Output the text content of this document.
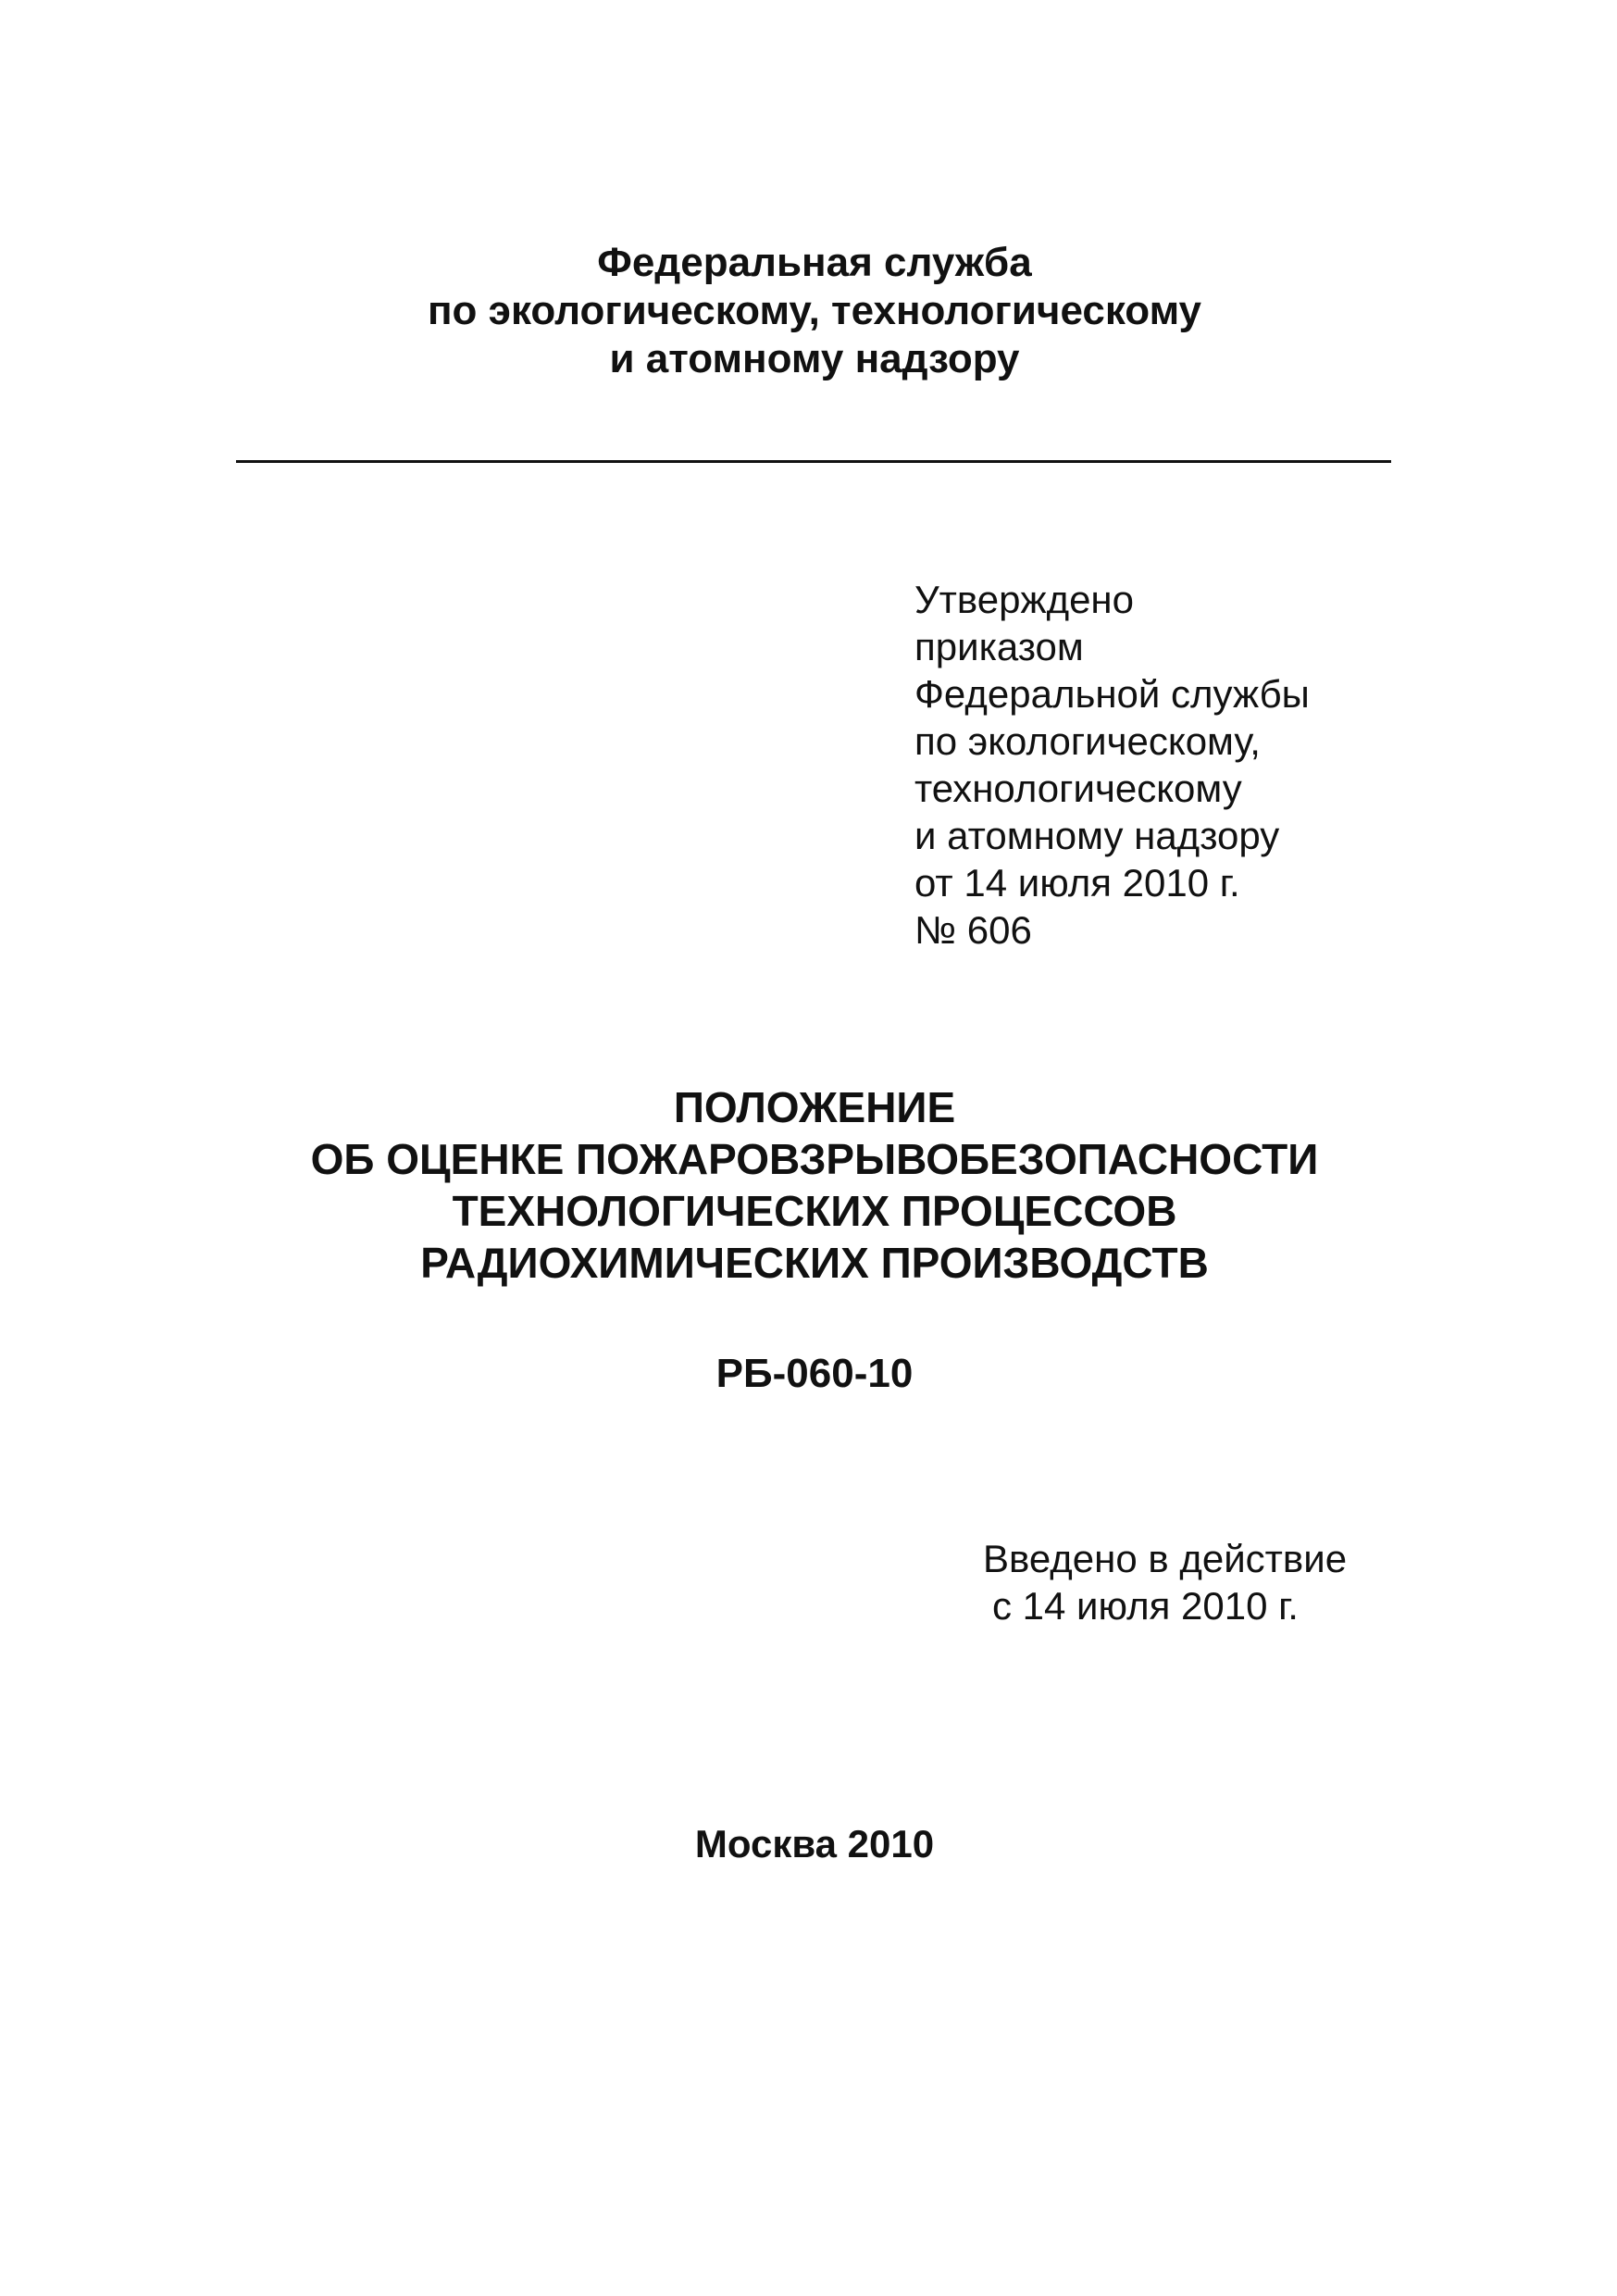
Федеральная служба
по экологическому, технологическому
и атомному надзору
Утверждено
приказом
Федеральной службы
по экологическому,
технологическому
и атомному надзору
от 14 июля 2010 г.
№ 606
ПОЛОЖЕНИЕ
ОБ ОЦЕНКЕ ПОЖАРОВЗРЫВОБЕЗОПАСНОСТИ
ТЕХНОЛОГИЧЕСКИХ ПРОЦЕССОВ
РАДИОХИМИЧЕСКИХ ПРОИЗВОДСТВ
РБ-060-10
Введено в действие
с 14 июля 2010 г.
Москва 2010
